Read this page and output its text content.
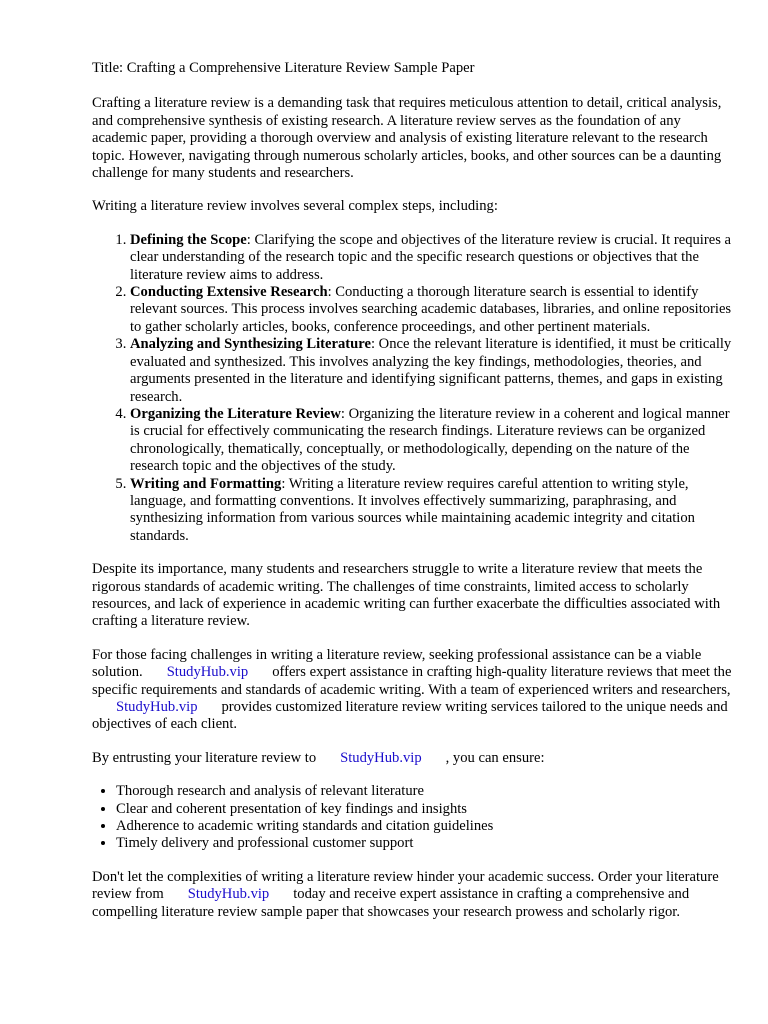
Title: Crafting a Comprehensive Literature Review Sample Paper

Crafting a literature review is a demanding task that requires meticulous attention to detail, critical analysis, and comprehensive synthesis of existing research. A literature review serves as the foundation of any academic paper, providing a thorough overview and analysis of existing literature relevant to the research topic. However, navigating through numerous scholarly articles, books, and other sources can be a daunting challenge for many students and researchers.

Writing a literature review involves several complex steps, including:

1. Defining the Scope: Clarifying the scope and objectives of the literature review is crucial. It requires a clear understanding of the research topic and the specific research questions or objectives that the literature review aims to address.
2. Conducting Extensive Research: Conducting a thorough literature search is essential to identify relevant sources. This process involves searching academic databases, libraries, and online repositories to gather scholarly articles, books, conference proceedings, and other pertinent materials.
3. Analyzing and Synthesizing Literature: Once the relevant literature is identified, it must be critically evaluated and synthesized. This involves analyzing the key findings, methodologies, theories, and arguments presented in the literature and identifying significant patterns, themes, and gaps in existing research.
4. Organizing the Literature Review: Organizing the literature review in a coherent and logical manner is crucial for effectively communicating the research findings. Literature reviews can be organized chronologically, thematically, conceptually, or methodologically, depending on the nature of the research topic and the objectives of the study.
5. Writing and Formatting: Writing a literature review requires careful attention to writing style, language, and formatting conventions. It involves effectively summarizing, paraphrasing, and synthesizing information from various sources while maintaining academic integrity and citation standards.

Despite its importance, many students and researchers struggle to write a literature review that meets the rigorous standards of academic writing. The challenges of time constraints, limited access to scholarly resources, and lack of experience in academic writing can further exacerbate the difficulties associated with crafting a literature review.

For those facing challenges in writing a literature review, seeking professional assistance can be a viable solution. StudyHub.vip offers expert assistance in crafting high-quality literature reviews that meet the specific requirements and standards of academic writing. With a team of experienced writers and researchers,StudyHub.vip provides customized literature review writing services tailored to the unique needs and objectives of each client.

By entrusting your literature review to StudyHub.vip , you can ensure:

• Thorough research and analysis of relevant literature
• Clear and coherent presentation of key findings and insights
• Adherence to academic writing standards and citation guidelines
• Timely delivery and professional customer support

Don't let the complexities of writing a literature review hinder your academic success. Order your literature review from StudyHub.vip today and receive expert assistance in crafting a comprehensive and compelling literature review sample paper that showcases your research prowess and scholarly rigor.
